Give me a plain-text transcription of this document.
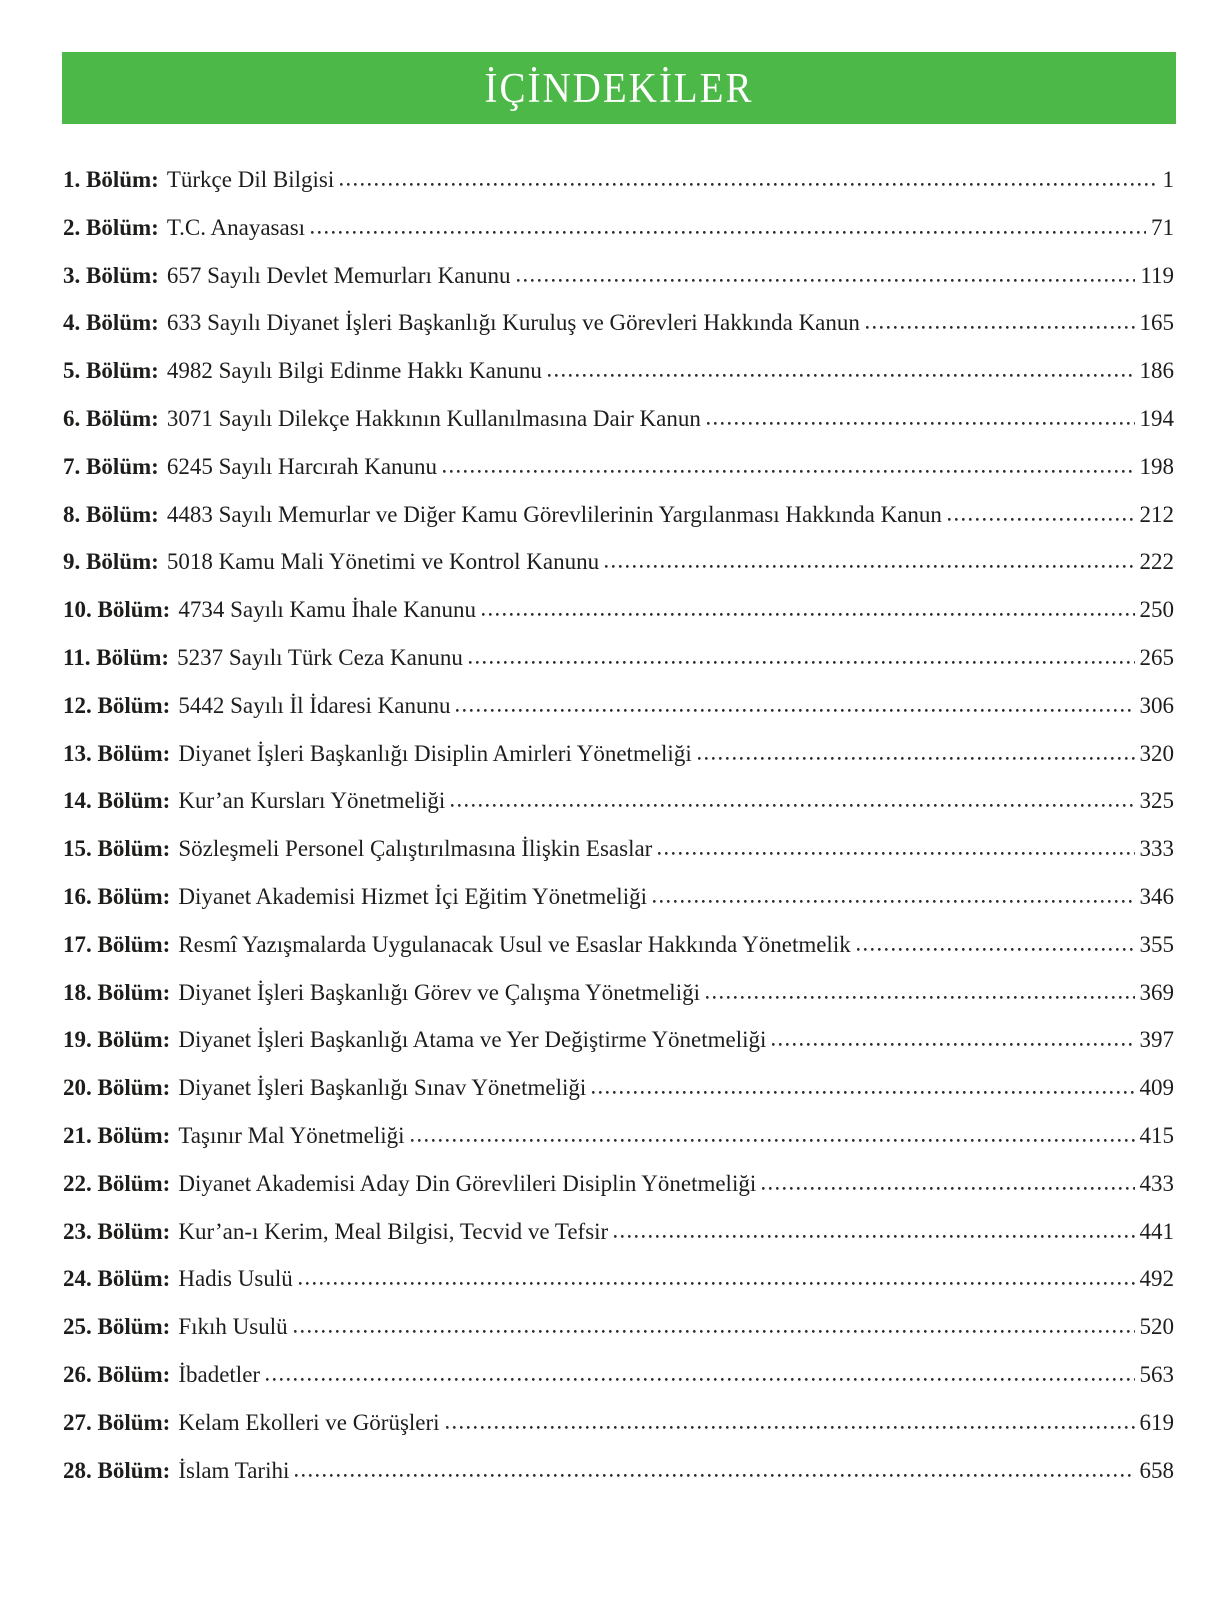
İÇİNDEKİLER
1. Bölüm: Türkçe Dil Bilgisi	1
2. Bölüm: T.C. Anayasası	71
3. Bölüm: 657 Sayılı Devlet Memurları Kanunu	119
4. Bölüm: 633 Sayılı Diyanet İşleri Başkanlığı Kuruluş ve Görevleri Hakkında Kanun	165
5. Bölüm: 4982 Sayılı Bilgi Edinme Hakkı Kanunu	186
6. Bölüm: 3071 Sayılı Dilekçe Hakkının Kullanılmasına Dair Kanun	194
7. Bölüm: 6245 Sayılı Harcırah Kanunu	198
8. Bölüm: 4483 Sayılı Memurlar ve Diğer Kamu Görevlilerinin Yargılanması Hakkında Kanun	212
9. Bölüm: 5018 Kamu Mali Yönetimi ve Kontrol Kanunu	222
10. Bölüm: 4734 Sayılı Kamu İhale Kanunu	250
11. Bölüm: 5237 Sayılı Türk Ceza Kanunu	265
12. Bölüm: 5442 Sayılı İl İdaresi Kanunu	306
13. Bölüm: Diyanet İşleri Başkanlığı Disiplin Amirleri Yönetmeliği	320
14. Bölüm: Kur’an Kursları Yönetmeliği	325
15. Bölüm: Sözleşmeli Personel Çalıştırılmasına İlişkin Esaslar	333
16. Bölüm: Diyanet Akademisi Hizmet İçi Eğitim Yönetmeliği	346
17. Bölüm: Resmî Yazışmalarda Uygulanacak Usul ve Esaslar Hakkında Yönetmelik	355
18. Bölüm: Diyanet İşleri Başkanlığı Görev ve Çalışma Yönetmeliği	369
19. Bölüm: Diyanet İşleri Başkanlığı Atama ve Yer Değiştirme Yönetmeliği	397
20. Bölüm: Diyanet İşleri Başkanlığı Sınav Yönetmeliği	409
21. Bölüm: Taşınır Mal Yönetmeliği	415
22. Bölüm: Diyanet Akademisi Aday Din Görevlileri Disiplin Yönetmeliği	433
23. Bölüm: Kur’an-ı Kerim, Meal Bilgisi, Tecvid ve Tefsir	441
24. Bölüm: Hadis Usulü	492
25. Bölüm: Fıkıh Usulü	520
26. Bölüm: İbadetler	563
27. Bölüm: Kelam Ekolleri ve Görüşleri	619
28. Bölüm: İslam Tarihi	658
